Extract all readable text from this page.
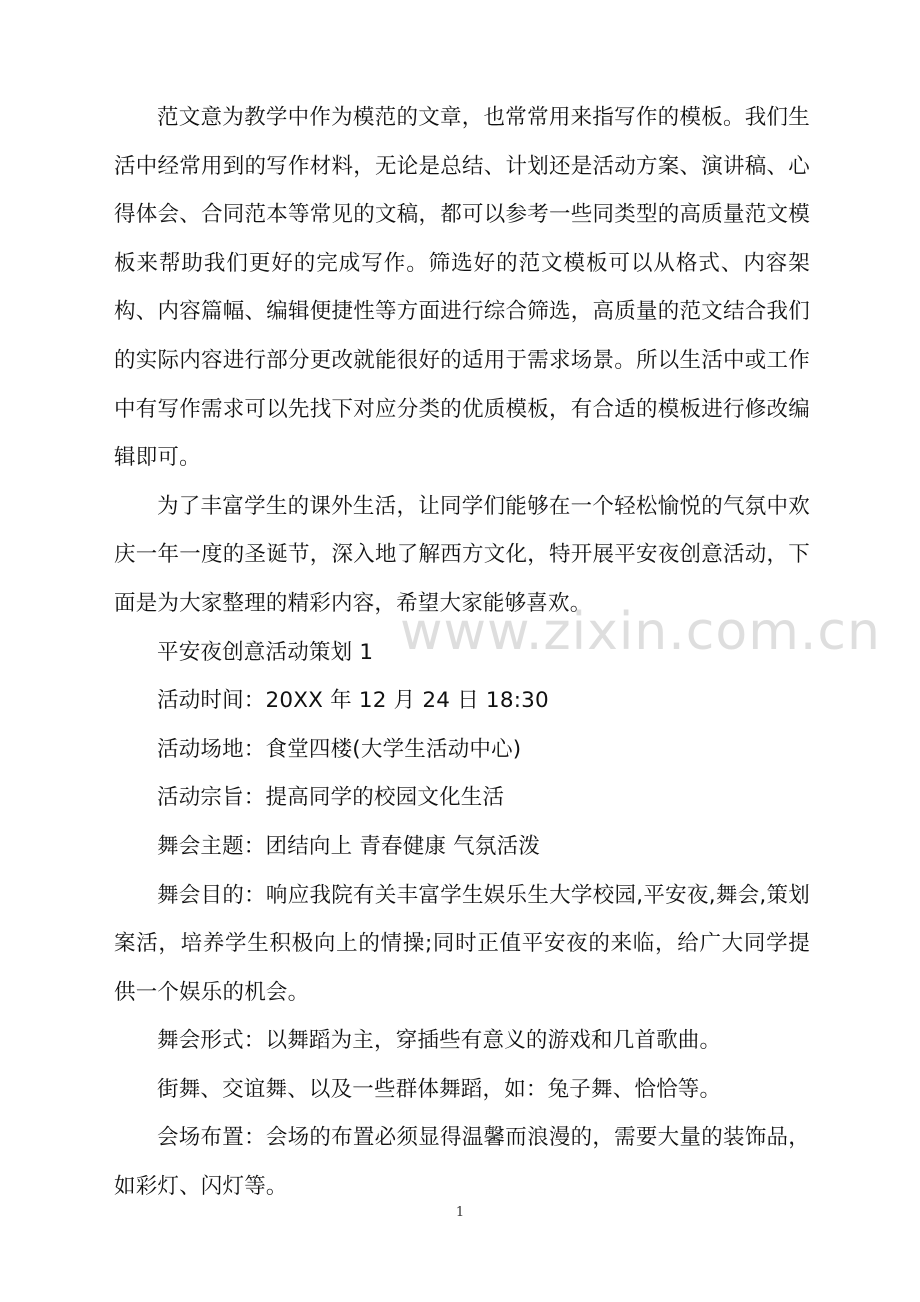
范文意为教学中作为模范的文章，也常常用来指写作的模板。我们生活中经常用到的写作材料，无论是总结、计划还是活动方案、演讲稿、心得体会、合同范本等常见的文稿，都可以参考一些同类型的高质量范文模板来帮助我们更好的完成写作。筛选好的范文模板可以从格式、内容架构、内容篇幅、编辑便捷性等方面进行综合筛选，高质量的范文结合我们的实际内容进行部分更改就能很好的适用于需求场景。所以生活中或工作中有写作需求可以先找下对应分类的优质模板，有合适的模板进行修改编辑即可。

为了丰富学生的课外生活，让同学们能够在一个轻松愉悦的气氛中欢庆一年一度的圣诞节，深入地了解西方文化，特开展平安夜创意活动，下面是为大家整理的精彩内容，希望大家能够喜欢。

平安夜创意活动策划 1

活动时间：20XX 年 12 月 24 日 18:30

活动场地：食堂四楼(大学生活动中心)

活动宗旨：提高同学的校园文化生活

舞会主题：团结向上 青春健康 气氛活泼

舞会目的：响应我院有关丰富学生娱乐生大学校园,平安夜,舞会,策划案活，培养学生积极向上的情操;同时正值平安夜的来临，给广大同学提供一个娱乐的机会。

舞会形式：以舞蹈为主，穿插些有意义的游戏和几首歌曲。

街舞、交谊舞、以及一些群体舞蹈，如：兔子舞、恰恰等。

会场布置：会场的布置必须显得温馨而浪漫的，需要大量的装饰品，如彩灯、闪灯等。

www.zixin.com.cn
1
